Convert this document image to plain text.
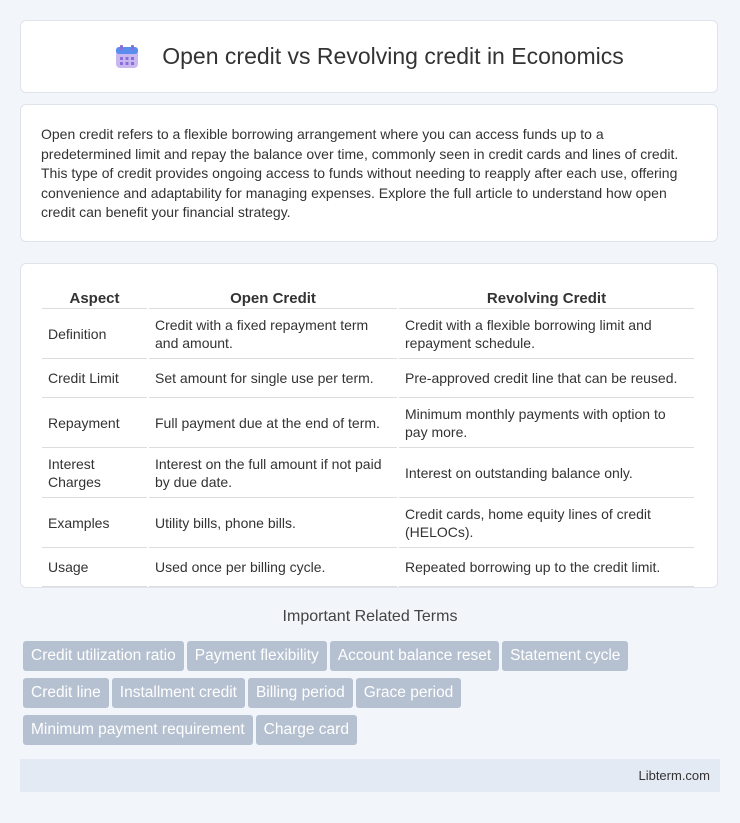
Open credit vs Revolving credit in Economics

Open credit refers to a flexible borrowing arrangement where you can access funds up to a predetermined limit and repay the balance over time, commonly seen in credit cards and lines of credit. This type of credit provides ongoing access to funds without needing to reapply after each use, offering convenience and adaptability for managing expenses. Explore the full article to understand how open credit can benefit your financial strategy.

Aspect	Open Credit	Revolving Credit
Definition	Credit with a fixed repayment term and amount.	Credit with a flexible borrowing limit and repayment schedule.
Credit Limit	Set amount for single use per term.	Pre-approved credit line that can be reused.
Repayment	Full payment due at the end of term.	Minimum monthly payments with option to pay more.
Interest Charges	Interest on the full amount if not paid by due date.	Interest on outstanding balance only.
Examples	Utility bills, phone bills.	Credit cards, home equity lines of credit (HELOCs).
Usage	Used once per billing cycle.	Repeated borrowing up to the credit limit.
Important Related Terms
Credit utilization ratio Payment flexibility Account balance reset Statement cycle
Credit line Installment credit Billing period Grace period
Minimum payment requirement Charge card
Libterm.com
